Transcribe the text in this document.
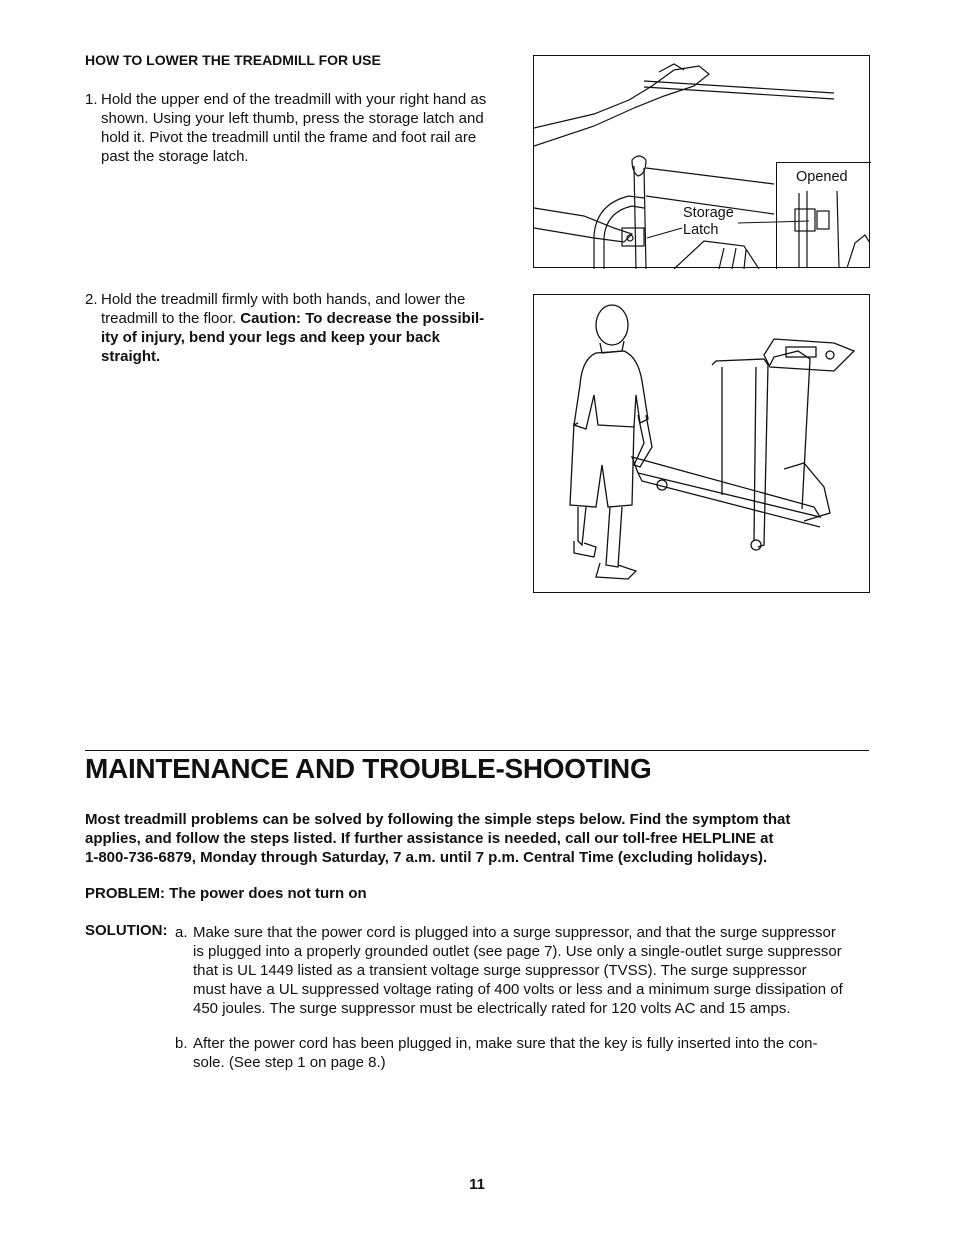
HOW TO LOWER THE TREADMILL FOR USE
1. Hold the upper end of the treadmill with your right hand as
shown. Using your left thumb, press the storage latch and
hold it. Pivot the treadmill until the frame and foot rail are
past the storage latch.
2. Hold the treadmill firmly with both hands, and lower the
treadmill to the floor. Caution: To decrease the possibil-
ity of injury, bend your legs and keep your back
straight.
Opened
Storage
Latch
MAINTENANCE AND TROUBLE-SHOOTING
Most treadmill problems can be solved by following the simple steps below. Find the symptom that
applies, and follow the steps listed. If further assistance is needed, call our toll-free HELPLINE at
1-800-736-6879, Monday through Saturday, 7 a.m. until 7 p.m. Central Time (excluding holidays).
PROBLEM: The power does not turn on
SOLUTION: a. Make sure that the power cord is plugged into a surge suppressor, and that the surge suppressor
is plugged into a properly grounded outlet (see page 7). Use only a single-outlet surge suppressor
that is UL 1449 listed as a transient voltage surge suppressor (TVSS). The surge suppressor
must have a UL suppressed voltage rating of 400 volts or less and a minimum surge dissipation of
450 joules. The surge suppressor must be electrically rated for 120 volts AC and 15 amps.
b. After the power cord has been plugged in, make sure that the key is fully inserted into the con-
sole. (See step 1 on page 8.)
11
